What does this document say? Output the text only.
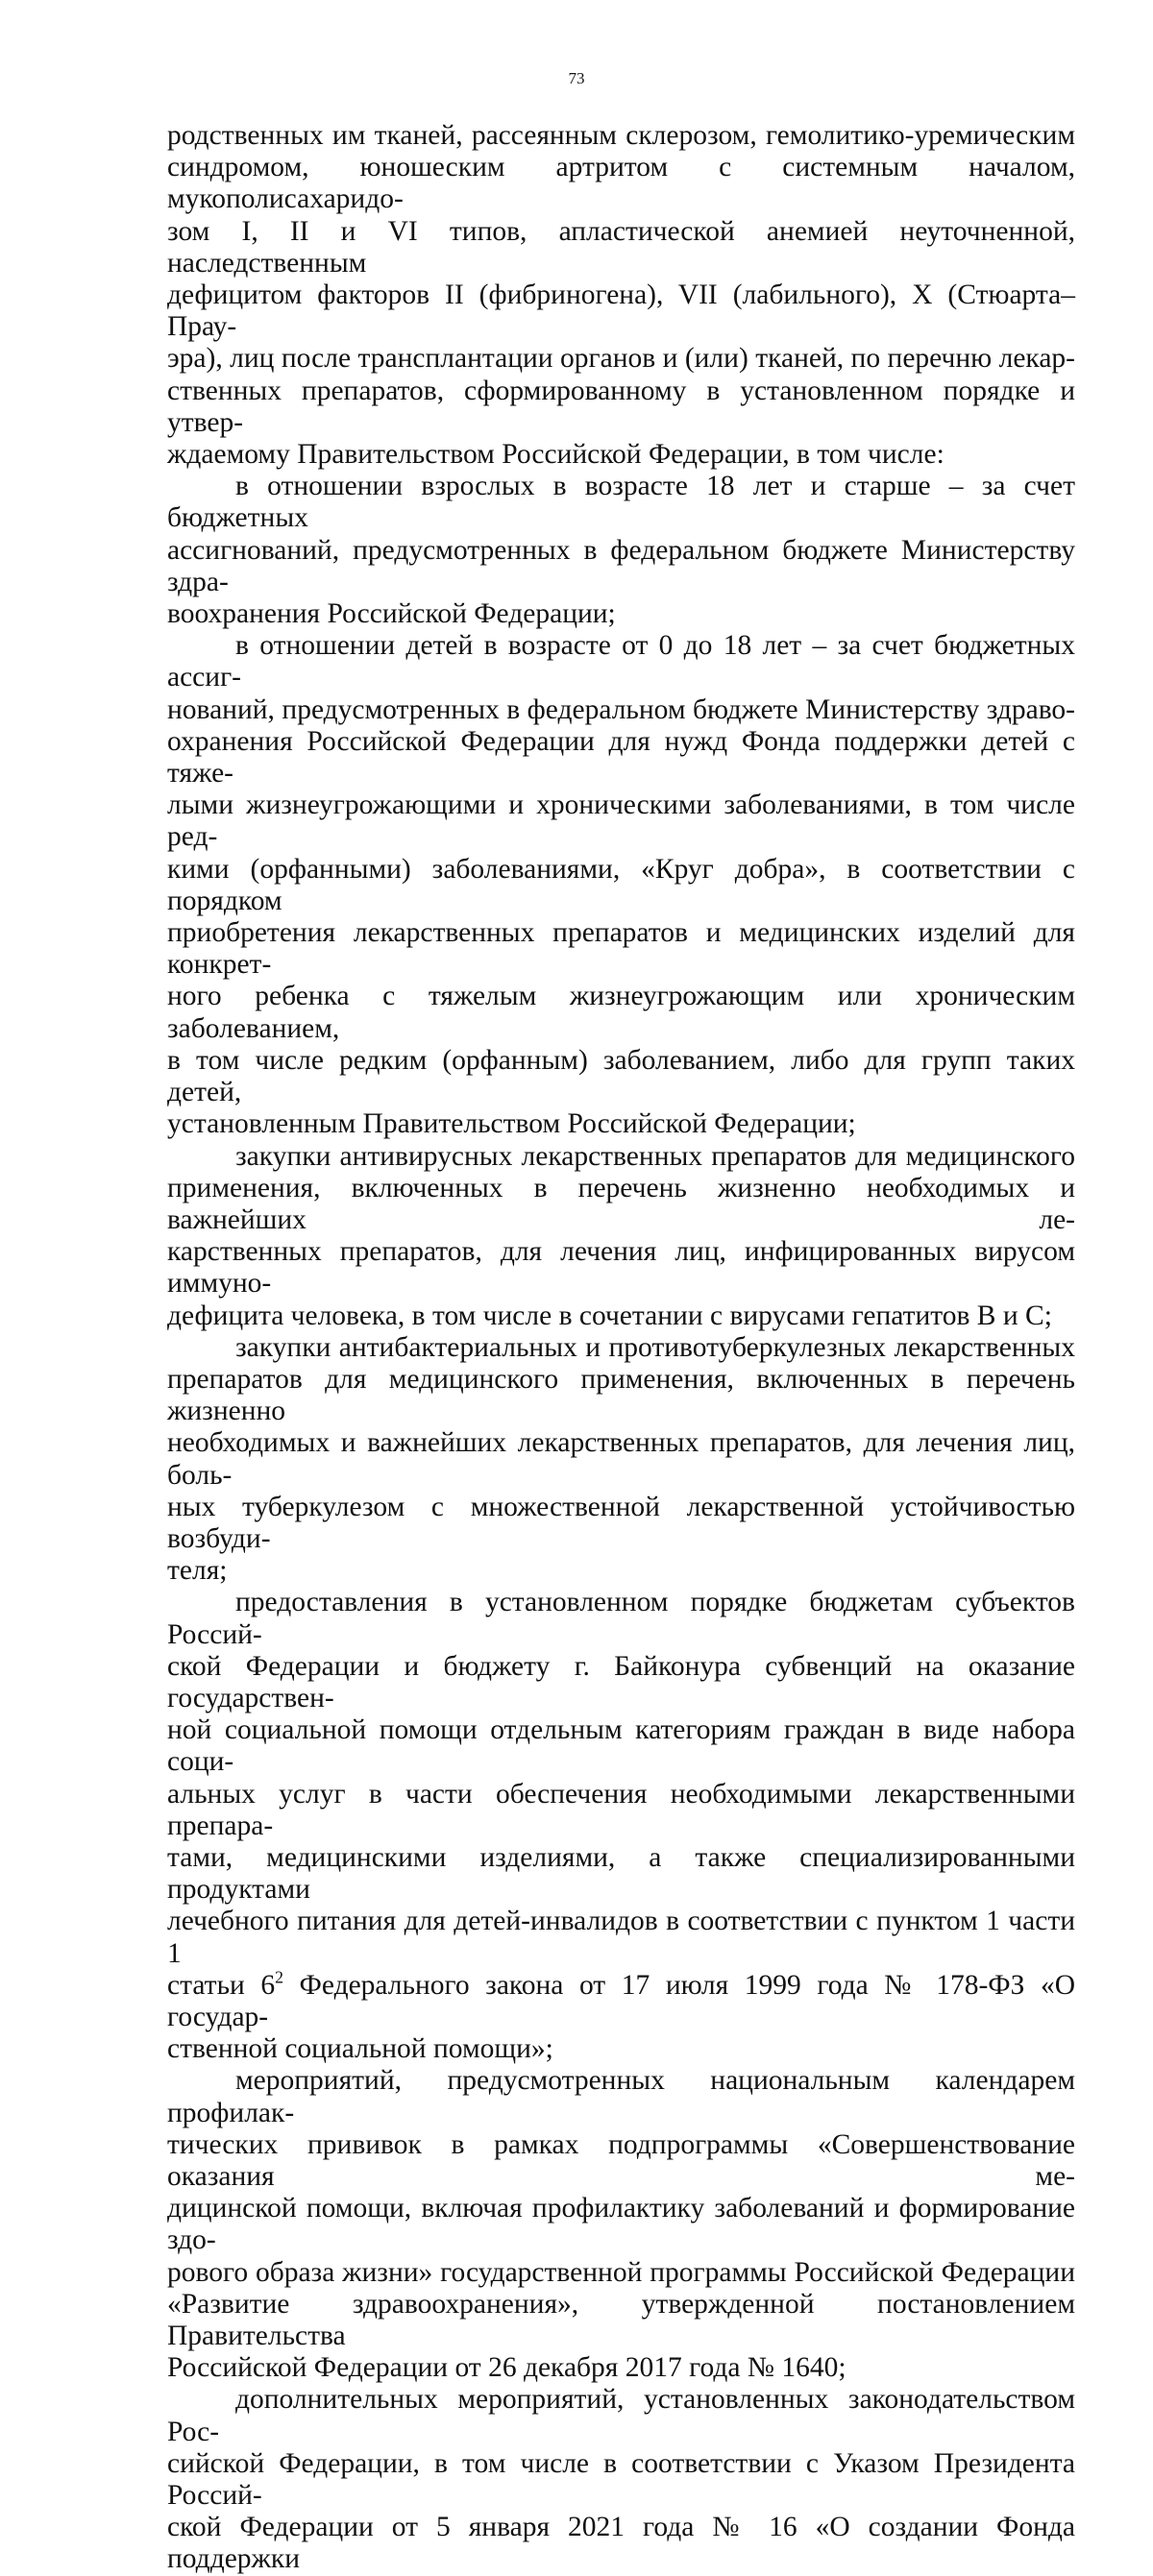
73

родственных им тканей, рассеянным склерозом, гемолитико-уремическим
синдромом, юношеским артритом с системным началом, мукополисахаридо-
зом I, II и VI типов, апластической анемией неуточненной, наследственным
дефицитом факторов II (фибриногена), VII (лабильного), X (Стюарта–Прау-
эра), лиц после трансплантации органов и (или) тканей, по перечню лекар-
ственных препаратов, сформированному в установленном порядке и утвер-
ждаемому Правительством Российской Федерации, в том числе:

в отношении взрослых в возрасте 18 лет и старше – за счет бюджетных
ассигнований, предусмотренных в федеральном бюджете Министерству здра-
воохранения Российской Федерации;

в отношении детей в возрасте от 0 до 18 лет – за счет бюджетных ассиг-
нований, предусмотренных в федеральном бюджете Министерству здраво-
охранения Российской Федерации для нужд Фонда поддержки детей с тяже-
лыми жизнеугрожающими и хроническими заболеваниями, в том числе ред-
кими (орфанными) заболеваниями, «Круг добра», в соответствии с порядком
приобретения лекарственных препаратов и медицинских изделий для конкрет-
ного ребенка с тяжелым жизнеугрожающим или хроническим заболеванием,
в том числе редким (орфанным) заболеванием, либо для групп таких детей,
установленным Правительством Российской Федерации;

закупки антивирусных лекарственных препаратов для медицинского
применения, включенных в перечень жизненно необходимых и важнейших ле-
карственных препаратов, для лечения лиц, инфицированных вирусом иммуно-
дефицита человека, в том числе в сочетании с вирусами гепатитов B и C;

закупки антибактериальных и противотуберкулезных лекарственных
препаратов для медицинского применения, включенных в перечень жизненно
необходимых и важнейших лекарственных препаратов, для лечения лиц, боль-
ных туберкулезом с множественной лекарственной устойчивостью возбуди-
теля;

предоставления в установленном порядке бюджетам субъектов Россий-
ской Федерации и бюджету г. Байконура субвенций на оказание государствен-
ной социальной помощи отдельным категориям граждан в виде набора соци-
альных услуг в части обеспечения необходимыми лекарственными препара-
тами, медицинскими изделиями, а также специализированными продуктами
лечебного питания для детей-инвалидов в соответствии с пунктом 1 части 1
статьи $6^2$ Федерального закона от 17 июля 1999 года № 178-ФЗ «О государ-
ственной социальной помощи»;

мероприятий, предусмотренных национальным календарем профилак-
тических прививок в рамках подпрограммы «Совершенствование оказания ме-
дицинской помощи, включая профилактику заболеваний и формирование здо-
рового образа жизни» государственной программы Российской Федерации
«Развитие здравоохранения», утвержденной постановлением Правительства
Российской Федерации от 26 декабря 2017 года № 1640;

дополнительных мероприятий, установленных законодательством Рос-
сийской Федерации, в том числе в соответствии с Указом Президента Россий-
ской Федерации от 5 января 2021 года № 16 «О создании Фонда поддержки
